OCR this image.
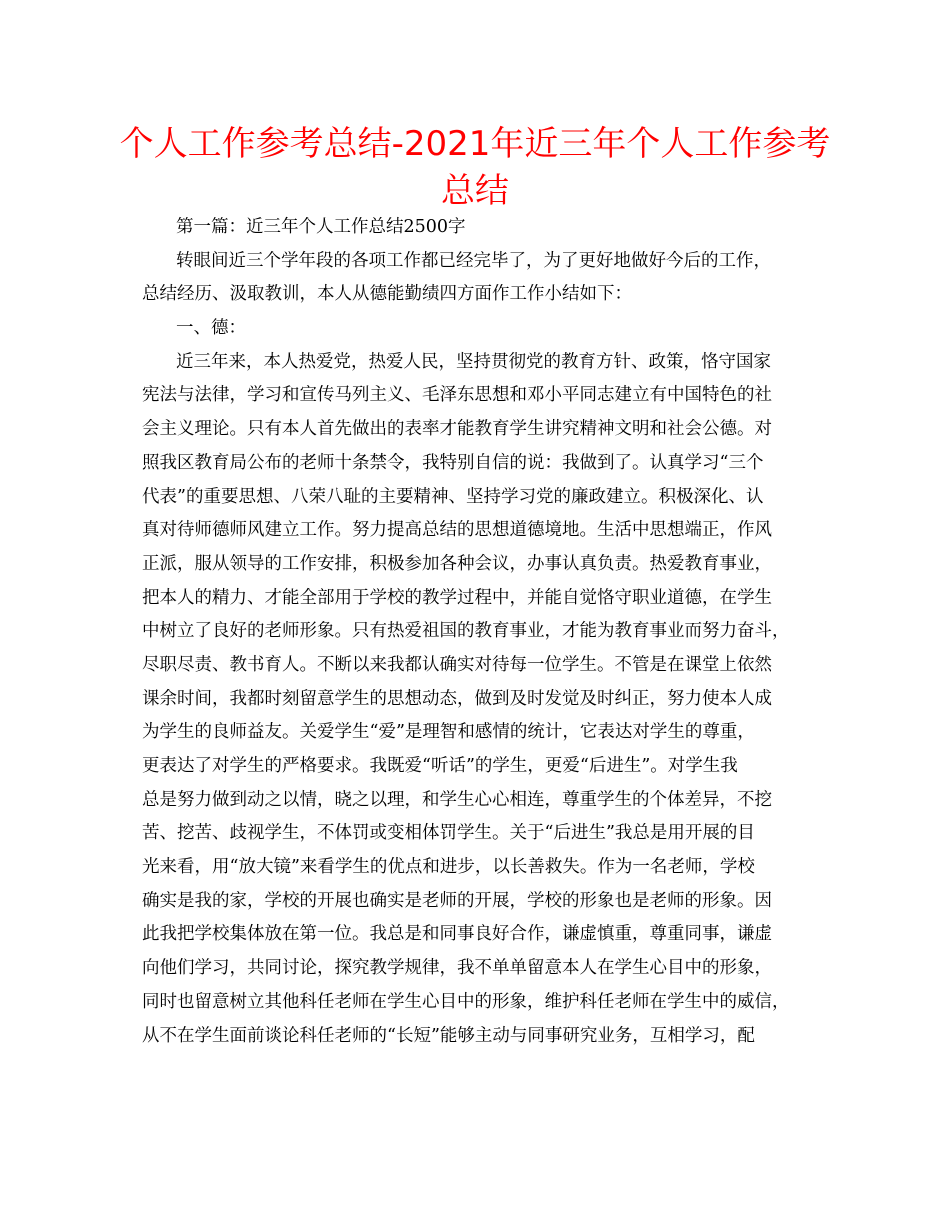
个人工作参考总结-2021年近三年个人工作参考
总结
第一篇：近三年个人工作总结2500字
转眼间近三个学年段的各项工作都已经完毕了，为了更好地做好今后的工作，
总结经历、汲取教训，本人从德能勤绩四方面作工作小结如下：
一、德：
近三年来，本人热爱党，热爱人民，坚持贯彻党的教育方针、政策，恪守国家
宪法与法律，学习和宣传马列主义、毛泽东思想和邓小平同志建立有中国特色的社
会主义理论。只有本人首先做出的表率才能教育学生讲究精神文明和社会公德。对
照我区教育局公布的老师十条禁令，我特别自信的说：我做到了。认真学习“三个
代表”的重要思想、八荣八耻的主要精神、坚持学习党的廉政建立。积极深化、认
真对待师德师风建立工作。努力提高总结的思想道德境地。生活中思想端正，作风
正派，服从领导的工作安排，积极参加各种会议，办事认真负责。热爱教育事业，
把本人的精力、才能全部用于学校的教学过程中，并能自觉恪守职业道德，在学生
中树立了良好的老师形象。只有热爱祖国的教育事业，才能为教育事业而努力奋斗，
尽职尽责、教书育人。不断以来我都认确实对待每一位学生。不管是在课堂上依然
课余时间，我都时刻留意学生的思想动态，做到及时发觉及时纠正，努力使本人成
为学生的良师益友。关爱学生“爱”是理智和感情的统计，它表达对学生的尊重，
更表达了对学生的严格要求。我既爱“听话”的学生，更爱“后进生”。对学生我
总是努力做到动之以情，晓之以理，和学生心心相连，尊重学生的个体差异，不挖
苦、挖苦、歧视学生，不体罚或变相体罚学生。关于“后进生”我总是用开展的目
光来看，用“放大镜”来看学生的优点和进步，以长善救失。作为一名老师，学校
确实是我的家，学校的开展也确实是老师的开展，学校的形象也是老师的形象。因
此我把学校集体放在第一位。我总是和同事良好合作，谦虚慎重，尊重同事，谦虚
向他们学习，共同讨论，探究教学规律，我不单单留意本人在学生心目中的形象，
同时也留意树立其他科任老师在学生心目中的形象，维护科任老师在学生中的威信，
从不在学生面前谈论科任老师的“长短”能够主动与同事研究业务，互相学习，配
